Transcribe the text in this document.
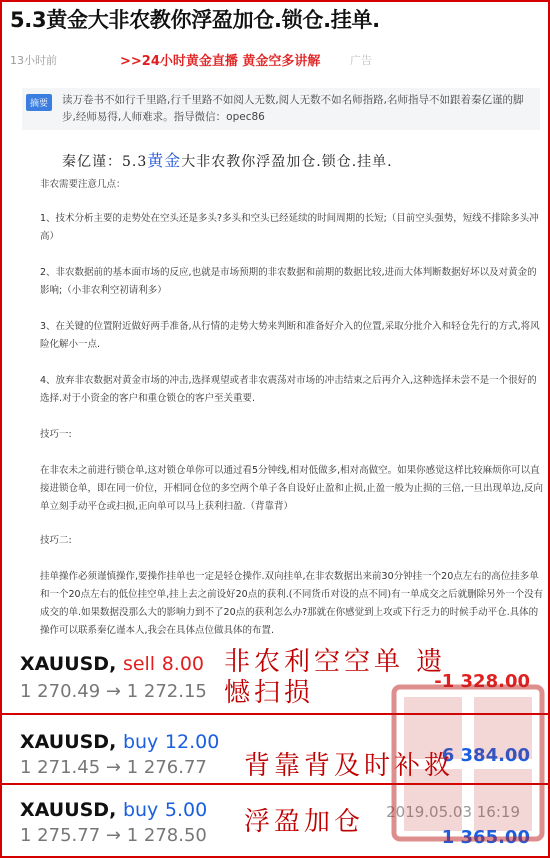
5.3黄金大非农教你浮盈加仓.锁仓.挂单.
13小时前	>>24小时黄金直播 黄金空多讲解	广告
摘要	读万卷书不如行千里路,行千里路不如阅人无数,阅人无数不如名师指路,名师指导不如跟着秦亿谨的脚步,经师易得,人师难求。指导微信：opec86
秦亿谨：5.3黄金大非农教你浮盈加仓.锁仓.挂单.
非农需要注意几点：
1、技术分析主要的走势处在空头还是多头?多头和空头已经延续的时间周期的长短;（目前空头强势，短线不排除多头冲高）
2、非农数据前的基本面市场的反应,也就是市场预期的非农数据和前期的数据比较,进而大体判断数据好坏以及对黄金的影响;（小非农利空初请利多）
3、在关键的位置附近做好两手准备,从行情的走势大势来判断和准备好介入的位置,采取分批介入和轻仓先行的方式,将风险化解小一点.
4、放弃非农数据对黄金市场的冲击,选择观望或者非农震荡对市场的冲击结束之后再介入,这种选择未尝不是一个很好的选择.对于小资金的客户和重仓锁仓的客户至关重要.
技巧一:
在非农未之前进行锁仓单,这对锁仓单你可以通过看5分钟线,相对低做多,相对高做空。如果你感觉这样比较麻烦你可以直接进锁仓单，即在同一价位，开相同仓位的多空两个单子各自设好止盈和止损,止盈一般为止损的三倍,一旦出现单边,反向单立刻手动平仓或扫损,正向单可以马上获利扫盈.（背靠背）
技巧二:
挂单操作必须谨慎操作,要操作挂单也一定是轻仓操作.双向挂单,在非农数据出来前30分钟挂一个20点左右的高位挂多单和一个20点左右的低位挂空单,挂上去之前设好20点的获利.(不同货币对设的点不同)有一单成交之后就删除另外一个没有成交的单.如果数据没那么大的影响力到不了20点的获利怎么办?那就在你感觉到上攻或下行乏力的时候手动平仓.具体的操作可以联系秦亿谨本人,我会在具体点位做具体的布置.
XAUUSD, sell 8.00
1 270.49 → 1 272.15	-1 328.00
非农利空空单 遗憾扫损
XAUUSD, buy 12.00
1 271.45 → 1 276.77
6 384.00
背靠背及时补救
XAUUSD, buy 5.00
1 275.77 → 1 278.50
2019.05.03 16:19
1 365.00
浮盈加仓
